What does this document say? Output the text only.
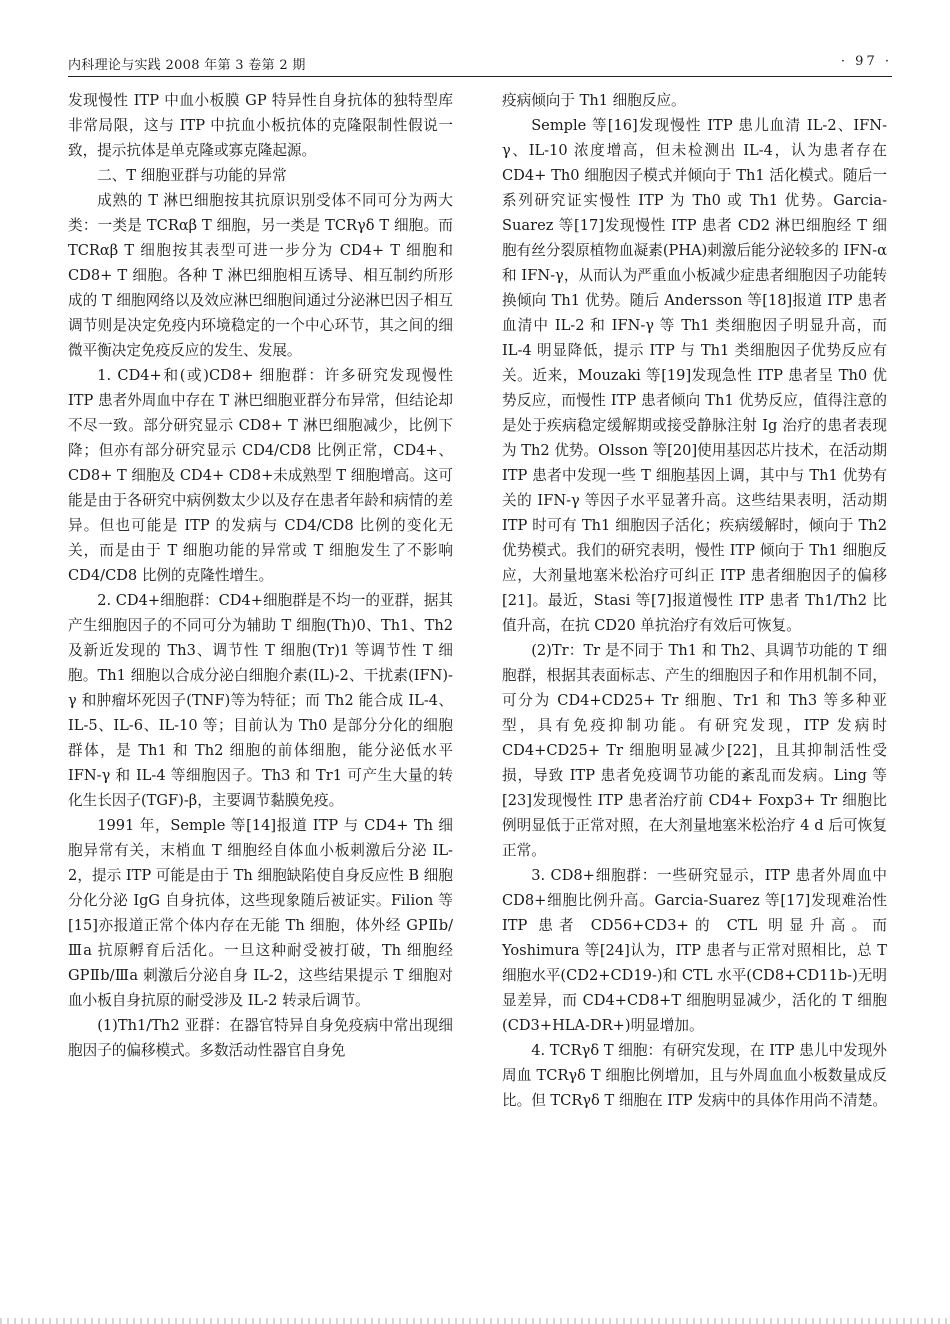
内科理论与实践 2008 年第 3 卷第 2 期	· 97 ·

发现慢性 ITP 中血小板膜 GP 特异性自身抗体的独特型库非常局限，这与 ITP 中抗血小板抗体的克隆限制性假说一致，提示抗体是单克隆或寡克隆起源。

二、T 细胞亚群与功能的异常

成熟的 T 淋巴细胞按其抗原识别受体不同可分为两大类：一类是 TCRαβ T 细胞，另一类是 TCRγδ T 细胞。而 TCRαβ T 细胞按其表型可进一步分为 CD4+ T 细胞和 CD8+ T 细胞。各种 T 淋巴细胞相互诱导、相互制约所形成的 T 细胞网络以及效应淋巴细胞间通过分泌淋巴因子相互调节则是决定免疫内环境稳定的一个中心环节，其之间的细微平衡决定免疫反应的发生、发展。

1. CD4+和(或)CD8+ 细胞群：许多研究发现慢性 ITP 患者外周血中存在 T 淋巴细胞亚群分布异常，但结论却不尽一致。部分研究显示 CD8+ T 淋巴细胞减少，比例下降；但亦有部分研究显示 CD4/CD8 比例正常，CD4+、CD8+ T 细胞及 CD4+ CD8+未成熟型 T 细胞增高。这可能是由于各研究中病例数太少以及存在患者年龄和病情的差异。但也可能是 ITP 的发病与 CD4/CD8 比例的变化无关，而是由于 T 细胞功能的异常或 T 细胞发生了不影响 CD4/CD8 比例的克隆性增生。

2. CD4+细胞群：CD4+细胞群是不均一的亚群，据其产生细胞因子的不同可分为辅助 T 细胞(Th)0、Th1、Th2 及新近发现的 Th3、调节性 T 细胞(Tr)1 等调节性 T 细胞。Th1 细胞以合成分泌白细胞介素(IL)-2、干扰素(IFN)-γ 和肿瘤坏死因子(TNF)等为特征；而 Th2 能合成 IL-4、IL-5、IL-6、IL-10 等；目前认为 Th0 是部分分化的细胞群体，是 Th1 和 Th2 细胞的前体细胞，能分泌低水平 IFN-γ 和 IL-4 等细胞因子。Th3 和 Tr1 可产生大量的转化生长因子(TGF)-β，主要调节黏膜免疫。

1991 年，Semple 等[14]报道 ITP 与 CD4+ Th 细胞异常有关，末梢血 T 细胞经自体血小板刺激后分泌 IL-2，提示 ITP 可能是由于 Th 细胞缺陷使自身反应性 B 细胞分化分泌 IgG 自身抗体，这些现象随后被证实。Filion 等[15]亦报道正常个体内存在无能 Th 细胞，体外经 GPⅡb/Ⅲa 抗原孵育后活化。一旦这种耐受被打破，Th 细胞经 GPⅡb/Ⅲa 刺激后分泌自身 IL-2，这些结果提示 T 细胞对血小板自身抗原的耐受涉及 IL-2 转录后调节。

(1)Th1/Th2 亚群：在器官特异自身免疫病中常出现细胞因子的偏移模式。多数活动性器官自身免

疫病倾向于 Th1 细胞反应。

Semple 等[16]发现慢性 ITP 患儿血清 IL-2、IFN-γ、IL-10 浓度增高，但未检测出 IL-4，认为患者存在 CD4+ Th0 细胞因子模式并倾向于 Th1 活化模式。随后一系列研究证实慢性 ITP 为 Th0 或 Th1 优势。Garcia-Suarez 等[17]发现慢性 ITP 患者 CD2 淋巴细胞经 T 细胞有丝分裂原植物血凝素(PHA)刺激后能分泌较多的 IFN-α 和 IFN-γ，从而认为严重血小板减少症患者细胞因子功能转换倾向 Th1 优势。随后 Andersson 等[18]报道 ITP 患者血清中 IL-2 和 IFN-γ 等 Th1 类细胞因子明显升高，而 IL-4 明显降低，提示 ITP 与 Th1 类细胞因子优势反应有关。近来，Mouzaki 等[19]发现急性 ITP 患者呈 Th0 优势反应，而慢性 ITP 患者倾向 Th1 优势反应，值得注意的是处于疾病稳定缓解期或接受静脉注射 Ig 治疗的患者表现为 Th2 优势。Olsson 等[20]使用基因芯片技术，在活动期 ITP 患者中发现一些 T 细胞基因上调，其中与 Th1 优势有关的 IFN-γ 等因子水平显著升高。这些结果表明，活动期 ITP 时可有 Th1 细胞因子活化；疾病缓解时，倾向于 Th2 优势模式。我们的研究表明，慢性 ITP 倾向于 Th1 细胞反应，大剂量地塞米松治疗可纠正 ITP 患者细胞因子的偏移[21]。最近，Stasi 等[7]报道慢性 ITP 患者 Th1/Th2 比值升高，在抗 CD20 单抗治疗有效后可恢复。

(2)Tr：Tr 是不同于 Th1 和 Th2、具调节功能的 T 细胞群，根据其表面标志、产生的细胞因子和作用机制不同，可分为 CD4+CD25+ Tr 细胞、Tr1 和 Th3 等多种亚型，具有免疫抑制功能。有研究发现，ITP 发病时 CD4+CD25+ Tr 细胞明显减少[22]，且其抑制活性受损，导致 ITP 患者免疫调节功能的紊乱而发病。Ling 等[23]发现慢性 ITP 患者治疗前 CD4+ Foxp3+ Tr 细胞比例明显低于正常对照，在大剂量地塞米松治疗 4 d 后可恢复正常。

3. CD8+细胞群：一些研究显示，ITP 患者外周血中 CD8+细胞比例升高。Garcia-Suarez 等[17]发现难治性 ITP 患者 CD56+CD3+的 CTL 明显升高。而 Yoshimura 等[24]认为，ITP 患者与正常对照相比，总 T 细胞水平(CD2+CD19-)和 CTL 水平(CD8+CD11b-)无明显差异，而 CD4+CD8+T 细胞明显减少，活化的 T 细胞(CD3+HLA-DR+)明显增加。

4. TCRγδ T 细胞：有研究发现，在 ITP 患儿中发现外周血 TCRγδ T 细胞比例增加，且与外周血血小板数量成反比。但 TCRγδ T 细胞在 ITP 发病中的具体作用尚不清楚。
